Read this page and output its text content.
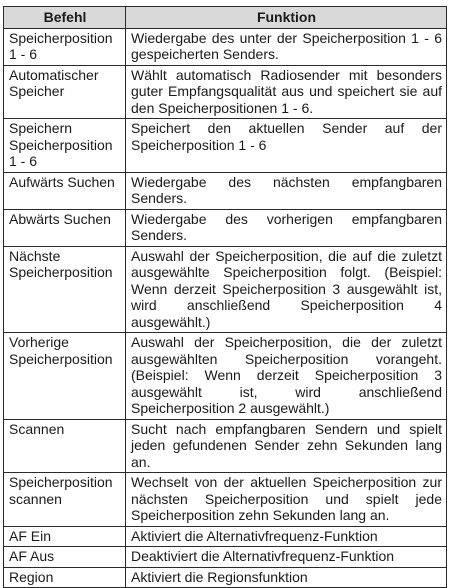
Befehl	Funktion
Speicherposition 1 - 6	Wiedergabe des unter der Speicherposition 1 - 6 gespeicherten Senders.
Automatischer Speicher	Wählt automatisch Radiosender mit besonders guter Empfangsqualität aus und speichert sie auf den Speicherpositionen 1 - 6.
Speichern Speicherposition 1 - 6	Speichert den aktuellen Sender auf der Speicherposition 1 - 6
Aufwärts Suchen	Wiedergabe des nächsten empfangbaren Senders.
Abwärts Suchen	Wiedergabe des vorherigen empfangbaren Senders.
Nächste Speicherposition	Auswahl der Speicherposition, die auf die zuletzt ausgewählte Speicherposition folgt. (Beispiel: Wenn derzeit Speicherposition 3 ausgewählt ist, wird anschließend Speicherposition 4 ausgewählt.)
Vorherige Speicherposition	Auswahl der Speicherposition, die der zuletzt ausgewählten Speicherposition vorangeht. (Beispiel: Wenn derzeit Speicherposition 3 ausgewählt ist, wird anschließend Speicherposition 2 ausgewählt.)
Scannen	Sucht nach empfangbaren Sendern und spielt jeden gefundenen Sender zehn Sekunden lang an.
Speicherposition scannen	Wechselt von der aktuellen Speicherposition zur nächsten Speicherposition und spielt jede Speicherposition zehn Sekunden lang an.
AF Ein	Aktiviert die Alternativfrequenz-Funktion
AF Aus	Deaktiviert die Alternativfrequenz-Funktion
Region	Aktiviert die Regionsfunktion
